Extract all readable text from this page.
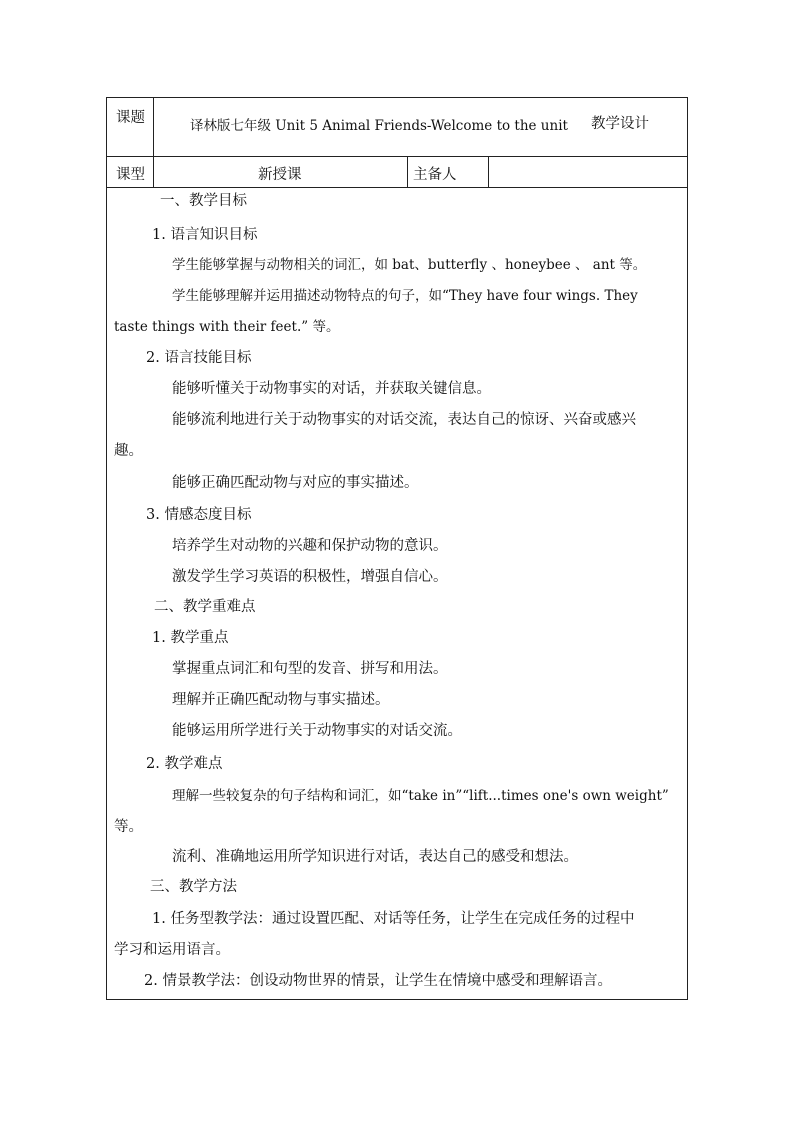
课题	译林版七年级 Unit 5 Animal Friends-Welcome to the unit 教学设计
课型	新授课	主备人
一、教学目标
1. 语言知识目标
学生能够掌握与动物相关的词汇，如 bat、butterfly 、honeybee 、 ant 等。
学生能够理解并运用描述动物特点的句子，如“They have four wings. They
taste things with their feet.” 等。
2. 语言技能目标
能够听懂关于动物事实的对话，并获取关键信息。
能够流利地进行关于动物事实的对话交流，表达自己的惊讶、兴奋或感兴
趣。
能够正确匹配动物与对应的事实描述。
3. 情感态度目标
培养学生对动物的兴趣和保护动物的意识。
激发学生学习英语的积极性，增强自信心。
二、教学重难点
1. 教学重点
掌握重点词汇和句型的发音、拼写和用法。
理解并正确匹配动物与事实描述。
能够运用所学进行关于动物事实的对话交流。
2. 教学难点
理解一些较复杂的句子结构和词汇，如“take in”“lift...times one's own weight”
等。
流利、准确地运用所学知识进行对话，表达自己的感受和想法。
三、教学方法
1. 任务型教学法：通过设置匹配、对话等任务，让学生在完成任务的过程中
学习和运用语言。
2. 情景教学法：创设动物世界的情景，让学生在情境中感受和理解语言。
